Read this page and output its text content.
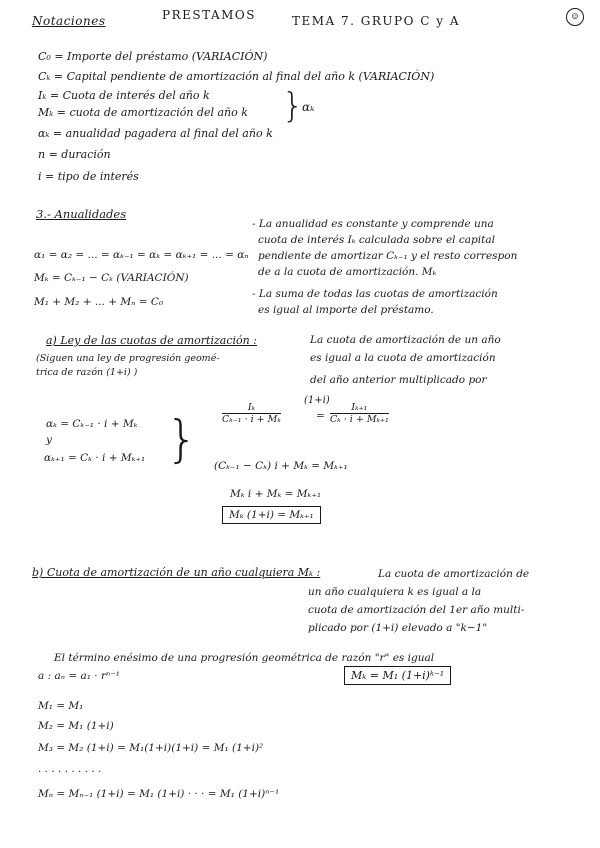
Notaciones	PRESTAMOS	TEMA 7. GRUPO C y A	☺
C₀ = Importe del préstamo (VARIACIÓN)
Cₖ = Capital pendiente de amortización al final del año k (VARIACIÓN)
Iₖ = Cuota de interés del año k
Mₖ = cuota de amortización del año k }
αₖ
αₖ = anualidad pagadera al final del año k
n = duración
i = tipo de interés
3.- Anualidades
α₁ = α₂ = ... = αₖ₋₁ = αₖ = αₖ₊₁ = ... = αₙ
Mₖ = Cₖ₋₁ − Cₖ (VARIACIÓN)
M₁ + M₂ + ... + Mₙ = C₀
- La anualidad es constante y comprende una
cuota de interés Iₖ calculada sobre el capital
pendiente de amortizar Cₖ₋₁ y el resto correspon
de a la cuota de amortización. Mₖ
- La suma de todas las cuotas de amortización
es igual al importe del préstamo.
a) Ley de las cuotas de amortización :	La cuota de amortización de un año
es igual a la cuota de amortización
del año anterior multiplicado por
(1+i)
(Siguen una ley de progresión geomé-
trica de razón (1+i) )
αₖ = Cₖ₋₁ · i + Mₖ
y
αₖ₊₁ = Cₖ · i + Mₖ₊₁ }	$\frac{\text{Iₖ}}{\text{Cₖ₋₁ · i + Mₖ}}$	= $\frac{\text{Iₖ₊₁}}{\text{Cₖ · i + Mₖ₊₁}}$
(Cₖ₋₁ − Cₖ) i + Mₖ = Mₖ₊₁
Mₖ i + Mₖ = Mₖ₊₁
Mₖ (1+i) = Mₖ₊₁
b) Cuota de amortización de un año cualquiera Mₖ :	La cuota de amortización de
un año cualquiera k es igual a la
cuota de amortización del 1er año multi-
plicado por (1+i) elevado a "k−1"
El término enésimo de una progresión geométrica de razón "r" es igual
a : aₙ = a₁ · rⁿ⁻¹	Mₖ = M₁ (1+i)ᵏ⁻¹
M₁ = M₁
M₂ = M₁ (1+i)
M₃ = M₂ (1+i) = M₁(1+i)(1+i) = M₁ (1+i)²
· · · · · · · · · ·
Mₙ = Mₙ₋₁ (1+i) = M₁ (1+i) · · · = M₁ (1+i)ⁿ⁻¹
